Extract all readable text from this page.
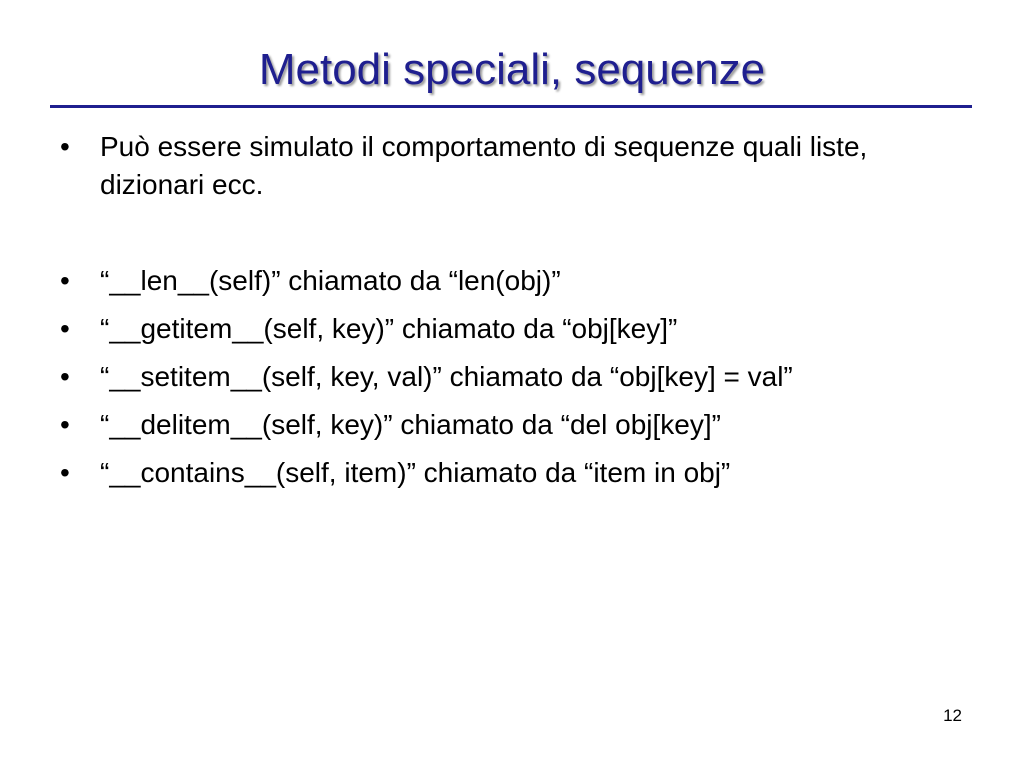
Metodi speciali, sequenze
•	Può essere simulato il comportamento di sequenze quali liste, dizionari ecc.
•	“__len__(self)” chiamato da “len(obj)”
•	“__getitem__(self, key)” chiamato da “obj[key]”
•	“__setitem__(self, key, val)” chiamato da “obj[key] = val”
•	“__delitem__(self, key)” chiamato da “del obj[key]”
•	“__contains__(self, item)” chiamato da “item in obj”
12
